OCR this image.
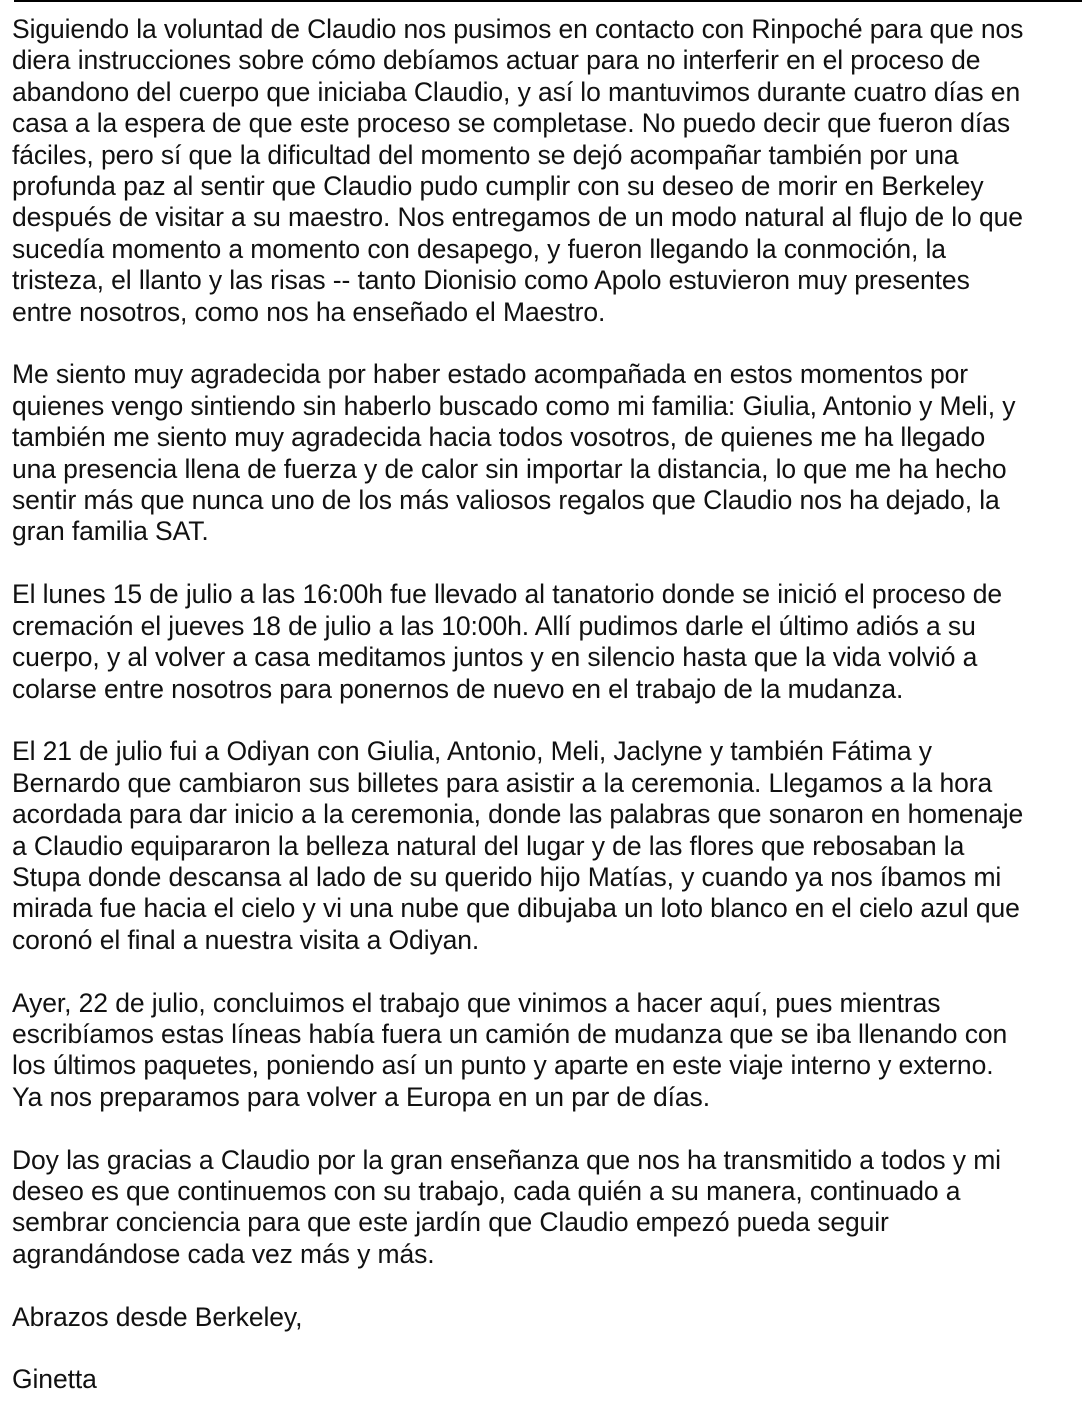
Siguiendo la voluntad de Claudio nos pusimos en contacto con Rinpoché para que nos
diera instrucciones sobre cómo debíamos actuar para no interferir en el proceso de
abandono del cuerpo que iniciaba Claudio, y así lo mantuvimos durante cuatro días en
casa a la espera de que este proceso se completase. No puedo decir que fueron días
fáciles, pero sí que la dificultad del momento se dejó acompañar también por una
profunda paz al sentir que Claudio pudo cumplir con su deseo de morir en Berkeley
después de visitar a su maestro. Nos entregamos de un modo natural al flujo de lo que
sucedía momento a momento con desapego, y fueron llegando la conmoción, la
tristeza, el llanto y las risas -- tanto Dionisio como Apolo estuvieron muy presentes
entre nosotros, como nos ha enseñado el Maestro.

Me siento muy agradecida por haber estado acompañada en estos momentos por
quienes vengo sintiendo sin haberlo buscado como mi familia: Giulia, Antonio y Meli, y
también me siento muy agradecida hacia todos vosotros, de quienes me ha llegado
una presencia llena de fuerza y de calor sin importar la distancia, lo que me ha hecho
sentir más que nunca uno de los más valiosos regalos que Claudio nos ha dejado, la
gran familia SAT.

El lunes 15 de julio a las 16:00h fue llevado al tanatorio donde se inició el proceso de
cremación el jueves 18 de julio a las 10:00h. Allí pudimos darle el último adiós a su
cuerpo, y al volver a casa meditamos juntos y en silencio hasta que la vida volvió a
colarse entre nosotros para ponernos de nuevo en el trabajo de la mudanza.

El 21 de julio fui a Odiyan con Giulia, Antonio, Meli, Jaclyne y también Fátima y
Bernardo que cambiaron sus billetes para asistir a la ceremonia. Llegamos a la hora
acordada para dar inicio a la ceremonia, donde las palabras que sonaron en homenaje
a Claudio equipararon la belleza natural del lugar y de las flores que rebosaban la
Stupa donde descansa al lado de su querido hijo Matías, y cuando ya nos íbamos mi
mirada fue hacia el cielo y vi una nube que dibujaba un loto blanco en el cielo azul que
coronó el final a nuestra visita a Odiyan.

Ayer, 22 de julio, concluimos el trabajo que vinimos a hacer aquí, pues mientras
escribíamos estas líneas había fuera un camión de mudanza que se iba llenando con
los últimos paquetes, poniendo así un punto y aparte en este viaje interno y externo.
Ya nos preparamos para volver a Europa en un par de días.

Doy las gracias a Claudio por la gran enseñanza que nos ha transmitido a todos y mi
deseo es que continuemos con su trabajo, cada quién a su manera, continuado a
sembrar conciencia para que este jardín que Claudio empezó pueda seguir
agrandándose cada vez más y más.

Abrazos desde Berkeley,

Ginetta
